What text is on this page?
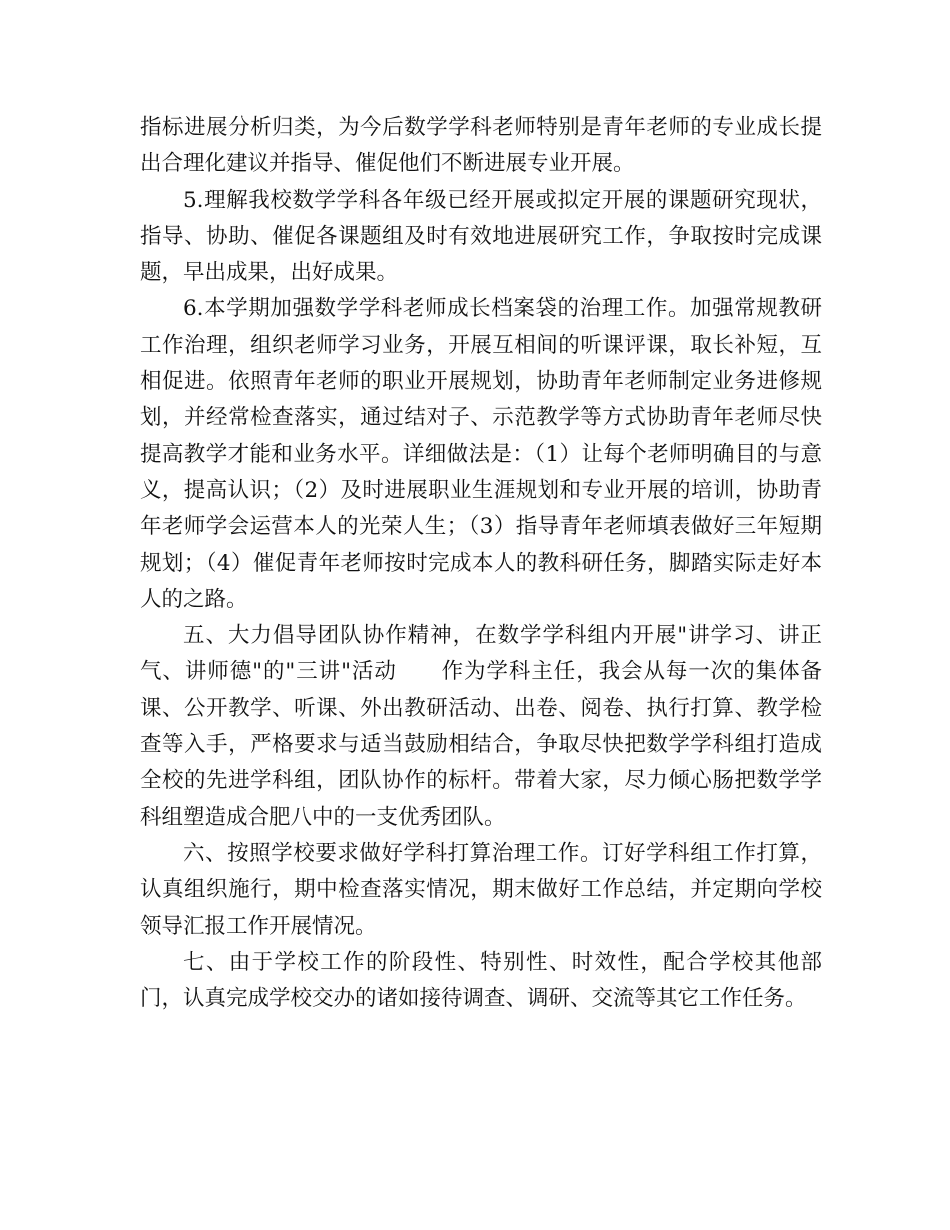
指标进展分析归类，为今后数学学科老师特别是青年老师的专业成长提出合理化建议并指导、催促他们不断进展专业开展。

5.理解我校数学学科各年级已经开展或拟定开展的课题研究现状，指导、协助、催促各课题组及时有效地进展研究工作，争取按时完成课题，早出成果，出好成果。

6.本学期加强数学学科老师成长档案袋的治理工作。加强常规教研工作治理，组织老师学习业务，开展互相间的听课评课，取长补短，互相促进。依照青年老师的职业开展规划，协助青年老师制定业务进修规划，并经常检查落实，通过结对子、示范教学等方式协助青年老师尽快提高教学才能和业务水平。详细做法是：（1）让每个老师明确目的与意义，提高认识；（2）及时进展职业生涯规划和专业开展的培训，协助青年老师学会运营本人的光荣人生；（3）指导青年老师填表做好三年短期规划；（4）催促青年老师按时完成本人的教科研任务，脚踏实际走好本人的之路。

五、大力倡导团队协作精神，在数学学科组内开展"讲学习、讲正气、讲师德"的"三讲"活动　　作为学科主任，我会从每一次的集体备课、公开教学、听课、外出教研活动、出卷、阅卷、执行打算、教学检查等入手，严格要求与适当鼓励相结合，争取尽快把数学学科组打造成全校的先进学科组，团队协作的标杆。带着大家，尽力倾心肠把数学学科组塑造成合肥八中的一支优秀团队。

六、按照学校要求做好学科打算治理工作。订好学科组工作打算，认真组织施行，期中检查落实情况，期末做好工作总结，并定期向学校领导汇报工作开展情况。

七、由于学校工作的阶段性、特别性、时效性，配合学校其他部门，认真完成学校交办的诸如接待调查、调研、交流等其它工作任务。
